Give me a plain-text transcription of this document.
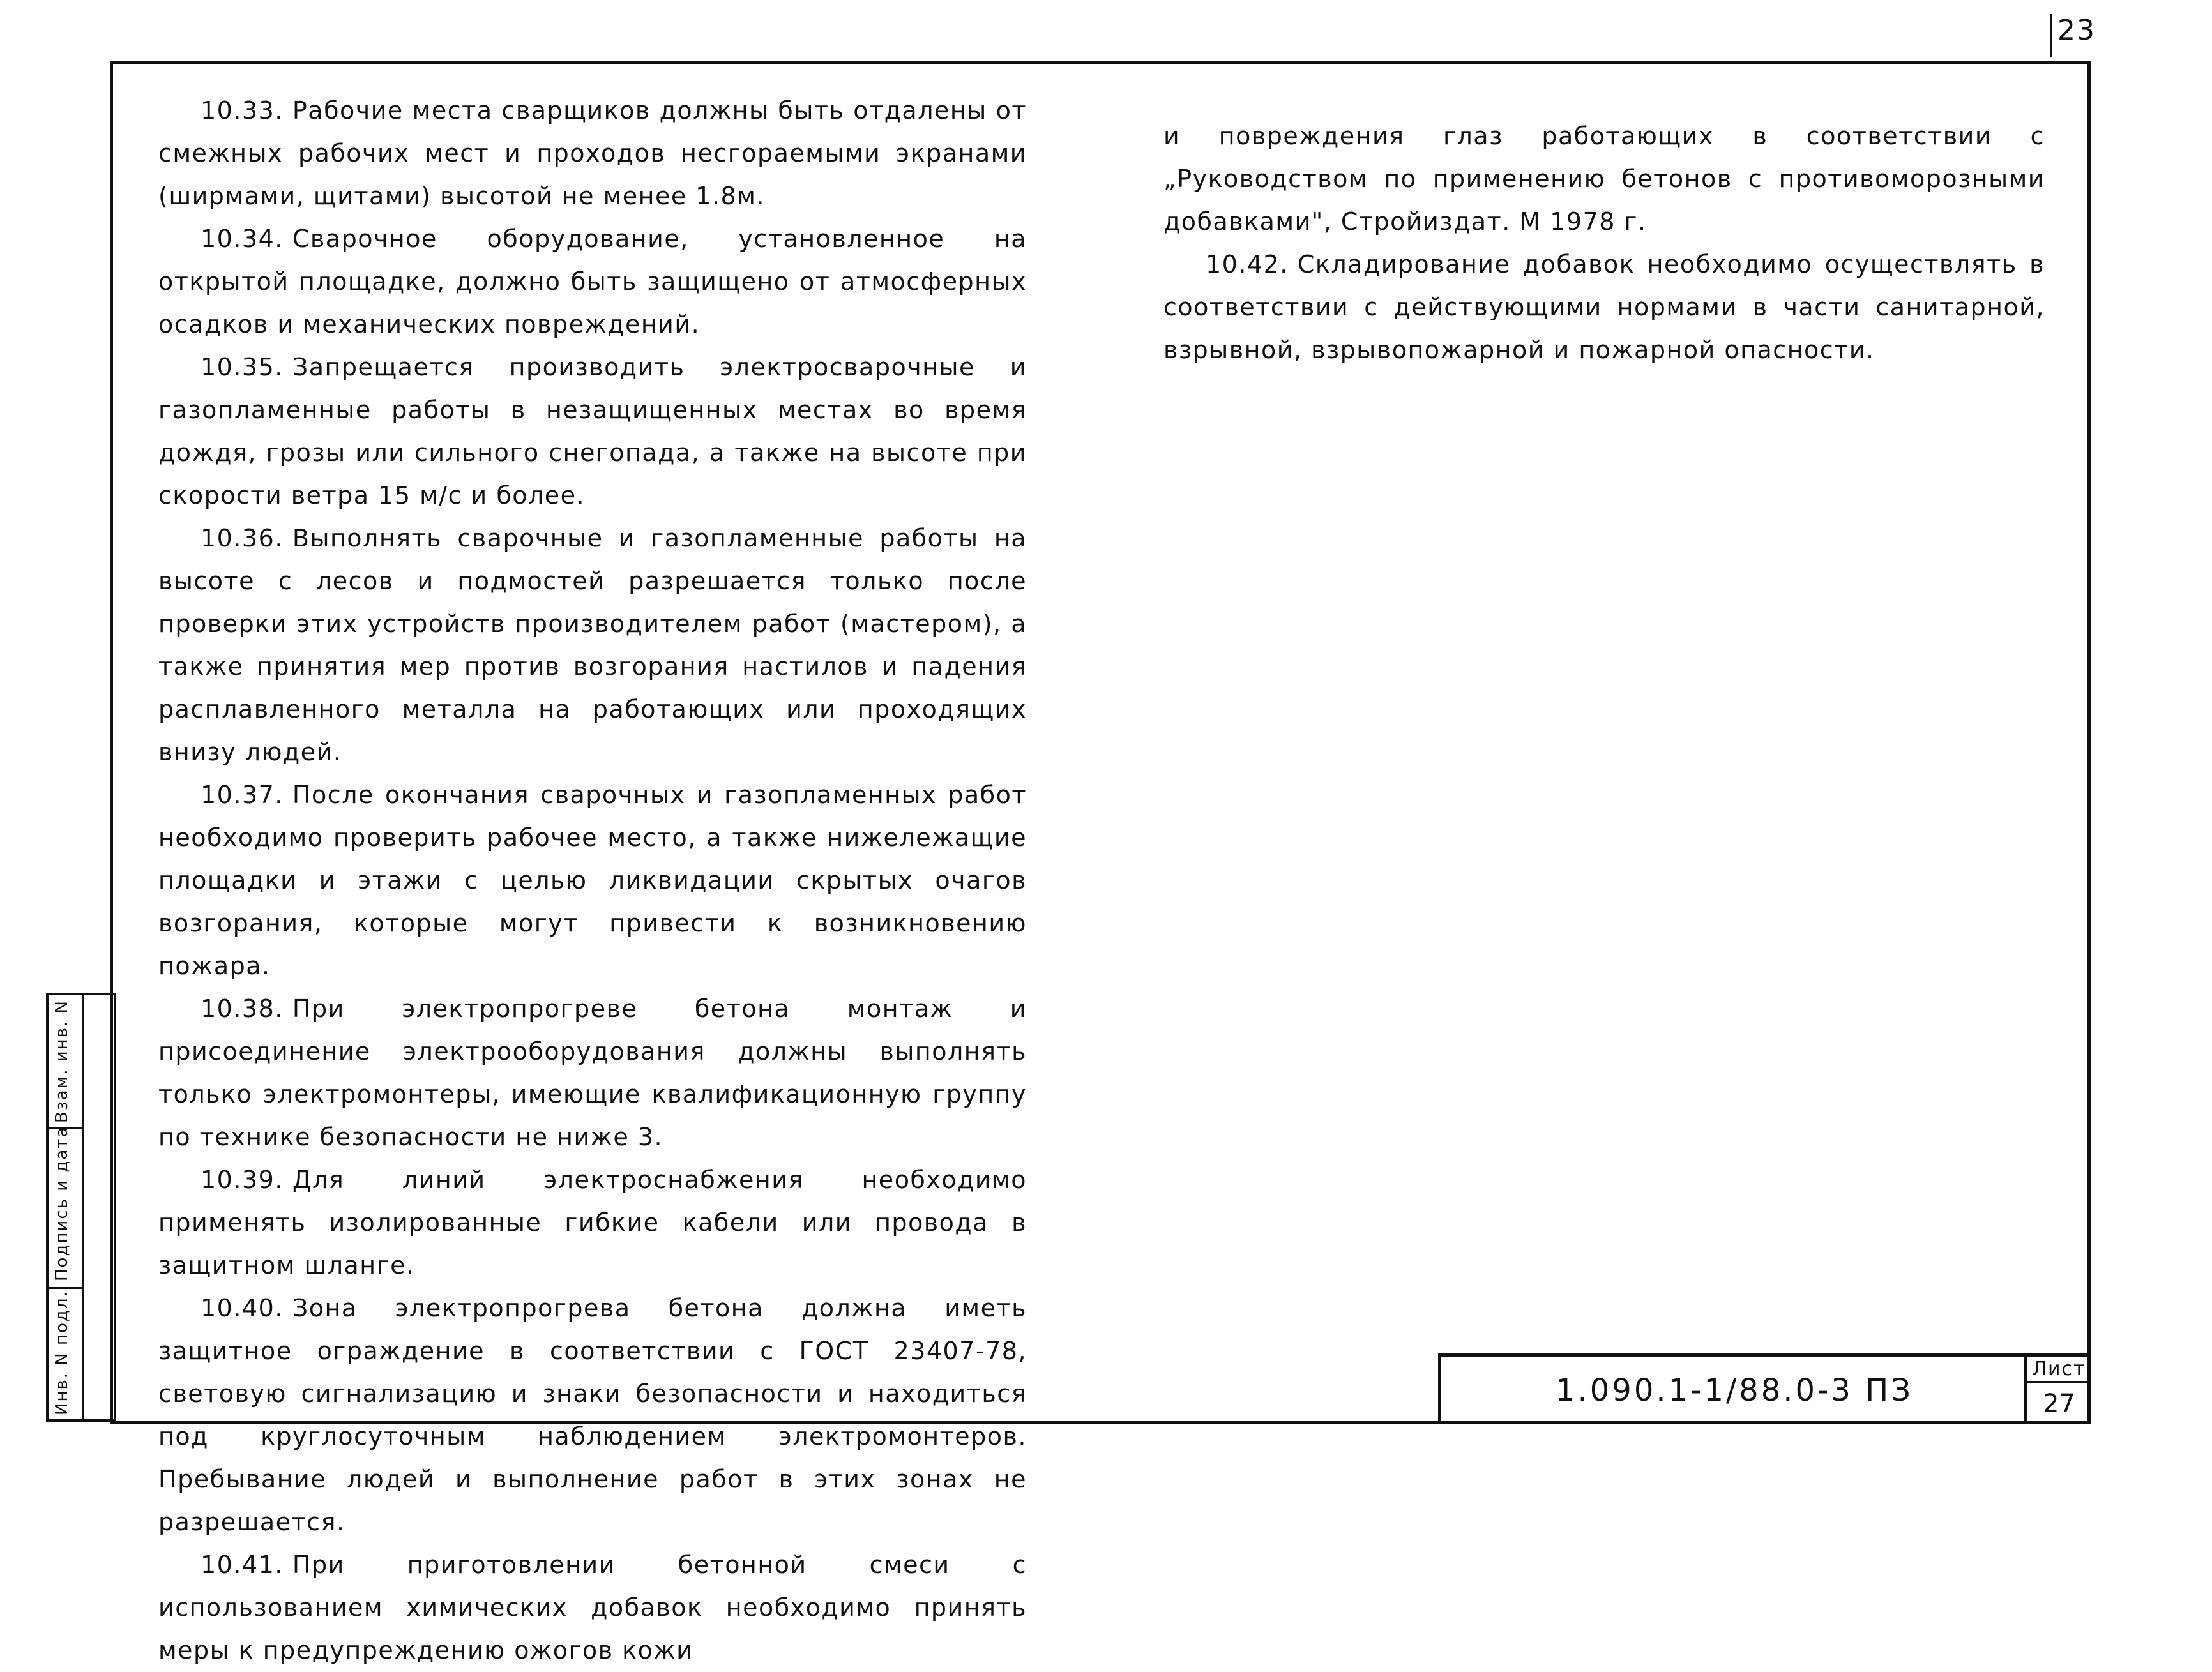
23

10.33. Рабочие места сварщиков должны быть отдалены от смежных рабочих мест и проходов несгораемыми экранами (ширмами, щитами) высотой не менее 1.8м.

10.34. Сварочное оборудование, установленное на открытой площадке, должно быть защищено от атмосферных осадков и механических повреждений.

10.35. Запрещается производить электросварочные и газопламенные работы в незащищенных местах во время дождя, грозы или сильного снегопада, а также на высоте при скорости ветра 15 м/с и более.

10.36. Выполнять сварочные и газопламенные работы на высоте с лесов и подмостей разрешается только после проверки этих устройств производителем работ (мастером), а также принятия мер против возгорания настилов и падения расплавленного металла на работающих или проходящих внизу людей.

10.37. После окончания сварочных и газопламенных работ необходимо проверить рабочее место, а также нижележащие площадки и этажи с целью ликвидации скрытых очагов возгорания, которые могут привести к возникновению пожара.

10.38. При электропрогреве бетона монтаж и присоединение электрооборудования должны выполнять только электромонтеры, имеющие квалификационную группу по технике безопасности не ниже 3.

10.39. Для линий электроснабжения необходимо применять изолированные гибкие кабели или провода в защитном шланге.

10.40. Зона электропрогрева бетона должна иметь защитное ограждение в соответствии с ГОСТ 23407-78, световую сигнализацию и знаки безопасности и находиться под круглосуточным наблюдением электромонтеров. Пребывание людей и выполнение работ в этих зонах не разрешается.

10.41. При приготовлении бетонной смеси с использованием химических добавок необходимо принять меры к предупреждению ожогов кожи

и повреждения глаз работающих в соответствии с „Руководством по применению бетонов с противоморозными добавками", Стройиздат. М 1978 г.

10.42. Складирование добавок необходимо осуществлять в соответствии с действующими нормами в части санитарной, взрывной, взрывопожарной и пожарной опасности.

Взам. инв. N
Подпись и дата
Инв. N подл.	1.090.1-1/88.0-3 ПЗ
Лист
27
